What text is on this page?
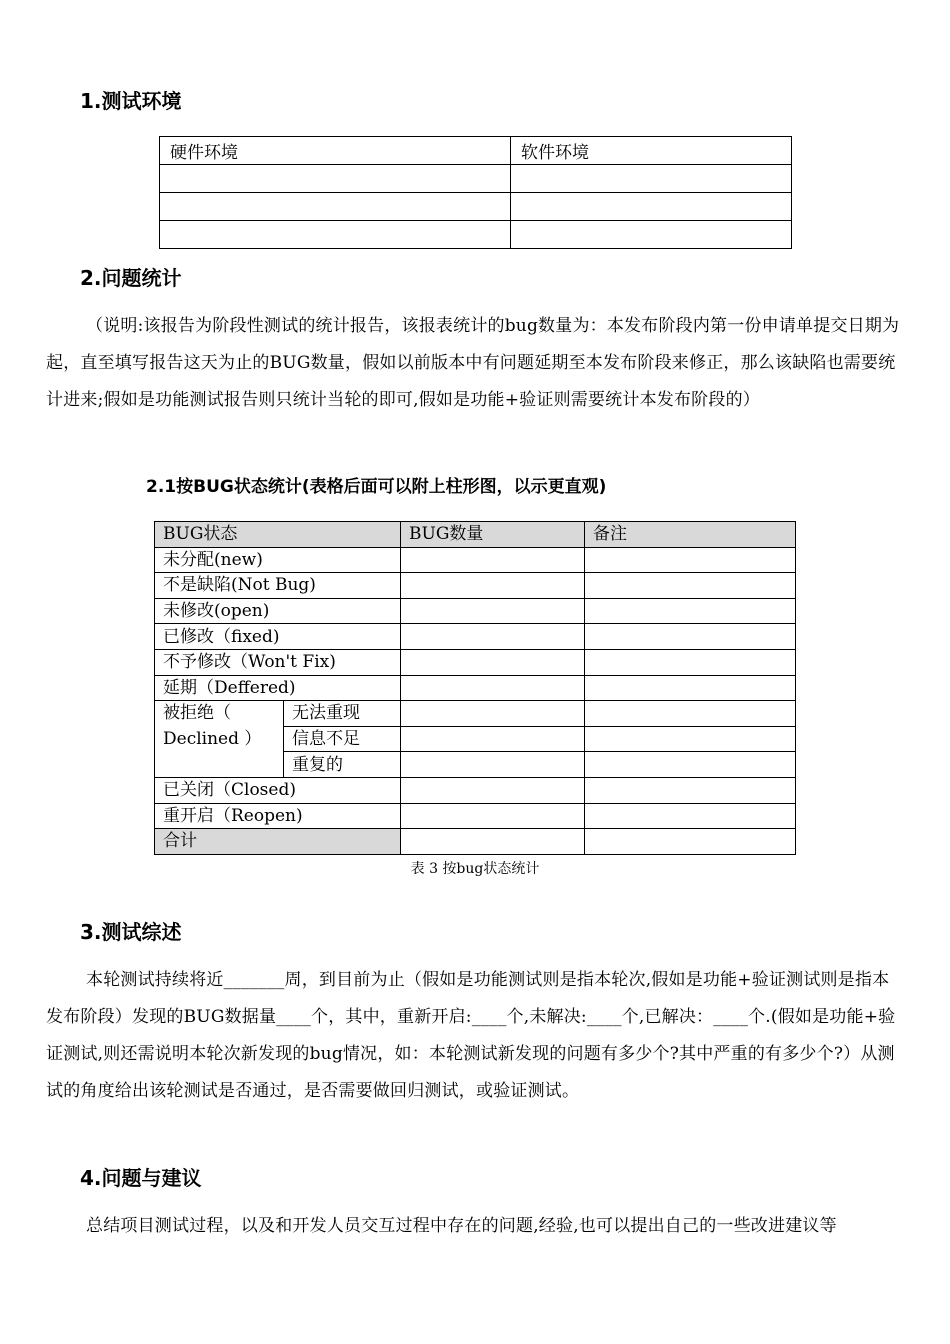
1.测试环境
硬件环境	软件环境

2.问题统计

（说明:该报告为阶段性测试的统计报告，该报表统计的bug数量为：本发布阶段内第一份申请单提交日期为起，直至填写报告这天为止的BUG数量，假如以前版本中有问题延期至本发布阶段来修正，那么该缺陷也需要统计进来;假如是功能测试报告则只统计当轮的即可,假如是功能+验证则需要统计本发布阶段的）

2.1按BUG状态统计(表格后面可以附上柱形图，以示更直观)
BUG状态		BUG数量	备注
未分配(new)			
不是缺陷(Not Bug)			
未修改(open)			
已修改（fixed)			
不予修改（Won't Fix)			
延期（Deffered)			
被拒绝（ Declined ）	无法重现		
	信息不足		
	重复的		
已关闭（Closed)			
重开启（Reopen)			
合计			
表 3 按bug状态统计
3.测试综述

本轮测试持续将近_______周，到目前为止（假如是功能测试则是指本轮次,假如是功能+验证测试则是指本发布阶段）发现的BUG数据量____个，其中，重新开启:____个,未解决:____个,已解决：____个.(假如是功能+验证测试,则还需说明本轮次新发现的bug情况，如：本轮测试新发现的问题有多少个?其中严重的有多少个?）从测试的角度给出该轮测试是否通过，是否需要做回归测试，或验证测试。

4.问题与建议

总结项目测试过程，以及和开发人员交互过程中存在的问题,经验,也可以提出自己的一些改进建议等
